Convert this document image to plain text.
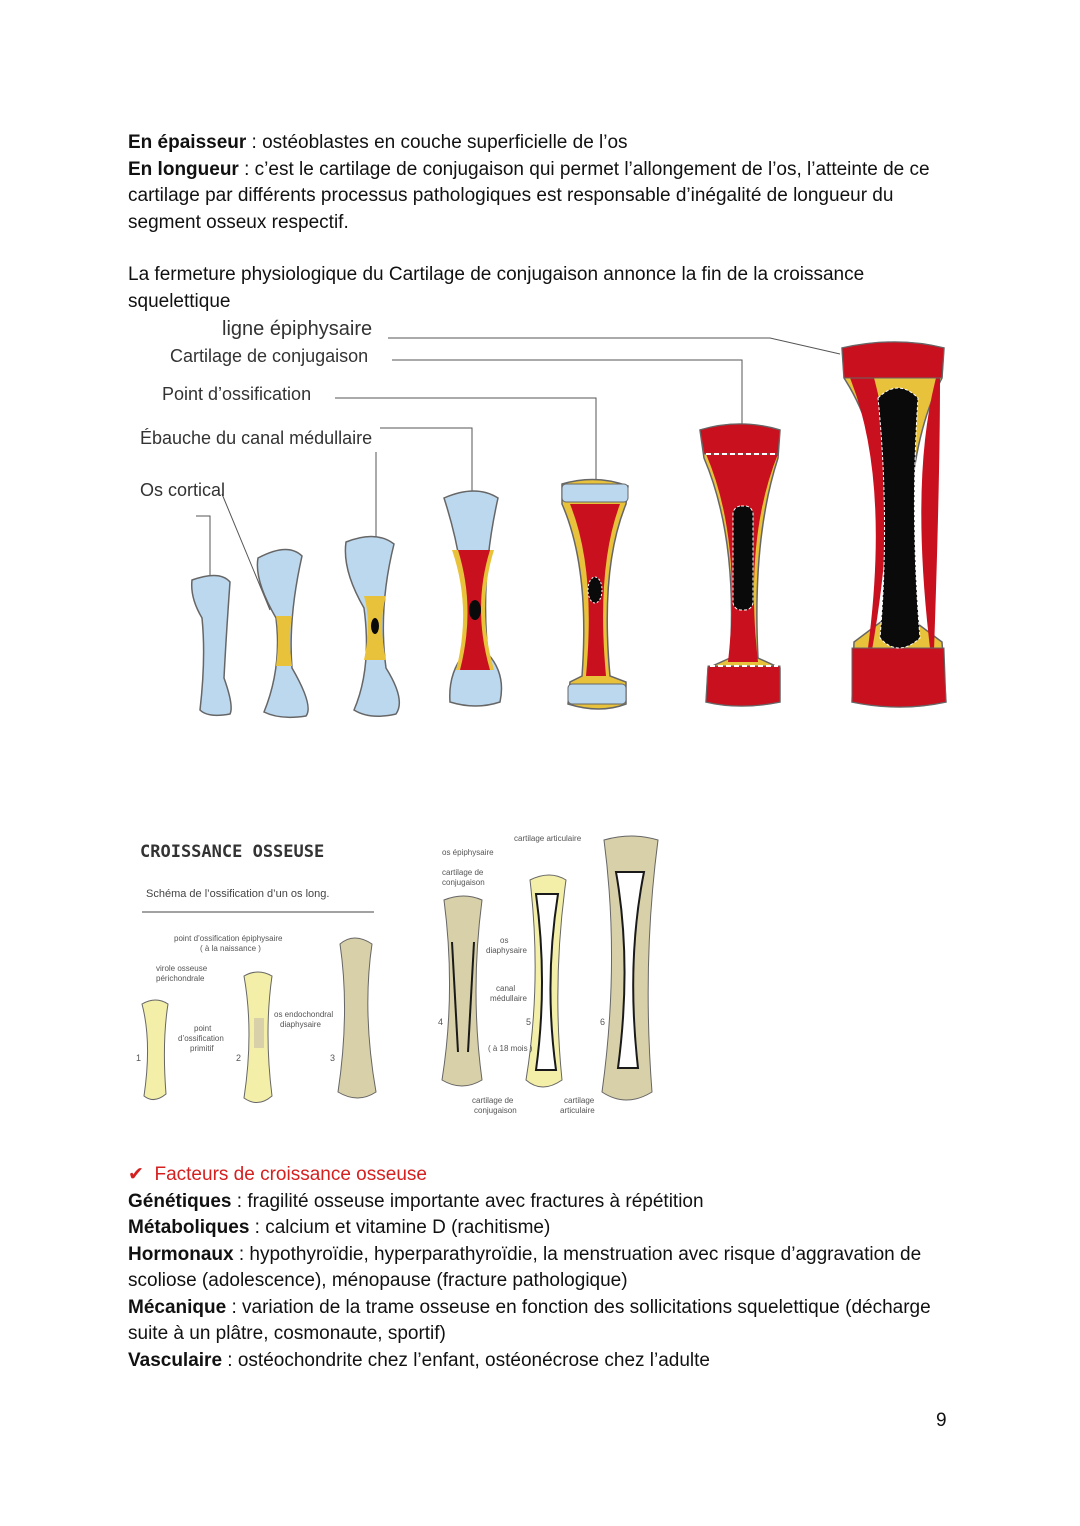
En épaisseur : ostéoblastes en couche superficielle de l’os

En longueur : c’est le cartilage de conjugaison qui permet l’allongement de l’os, l’atteinte de ce cartilage par différents processus pathologiques est responsable d’inégalité de longueur du segment osseux respectif.

La fermeture physiologique du Cartilage de conjugaison annonce la fin de la croissance squelettique

ligne épiphysaire
Cartilage de conjugaison
Point d’ossification
Ébauche du canal médullaire
Os cortical
CROISSANCE OSSEUSE
Schéma de l’ossification d’un os long.
point d’ossification épiphysaire
( à la naissance )
virole osseuse
périchondrale
point
d’ossification
primitif
os endochondral
diaphysaire
cartilage articulaire
os épiphysaire
cartilage de
conjugaison
os
diaphysaire
canal
médullaire
( à 18 mois )
cartilage de
conjugaison
cartilage
articulaire
1	2	3
4	5	6

✔ Facteurs de croissance osseuse

Génétiques : fragilité osseuse importante avec fractures à répétition

Métaboliques : calcium et vitamine D (rachitisme)

Hormonaux : hypothyroïdie, hyperparathyroïdie, la menstruation avec risque d’aggravation de scoliose (adolescence), ménopause (fracture pathologique)

Mécanique : variation de la trame osseuse en fonction des sollicitations squelettique (décharge suite à un plâtre, cosmonaute, sportif)

Vasculaire : ostéochondrite chez l’enfant, ostéonécrose chez l’adulte

9
